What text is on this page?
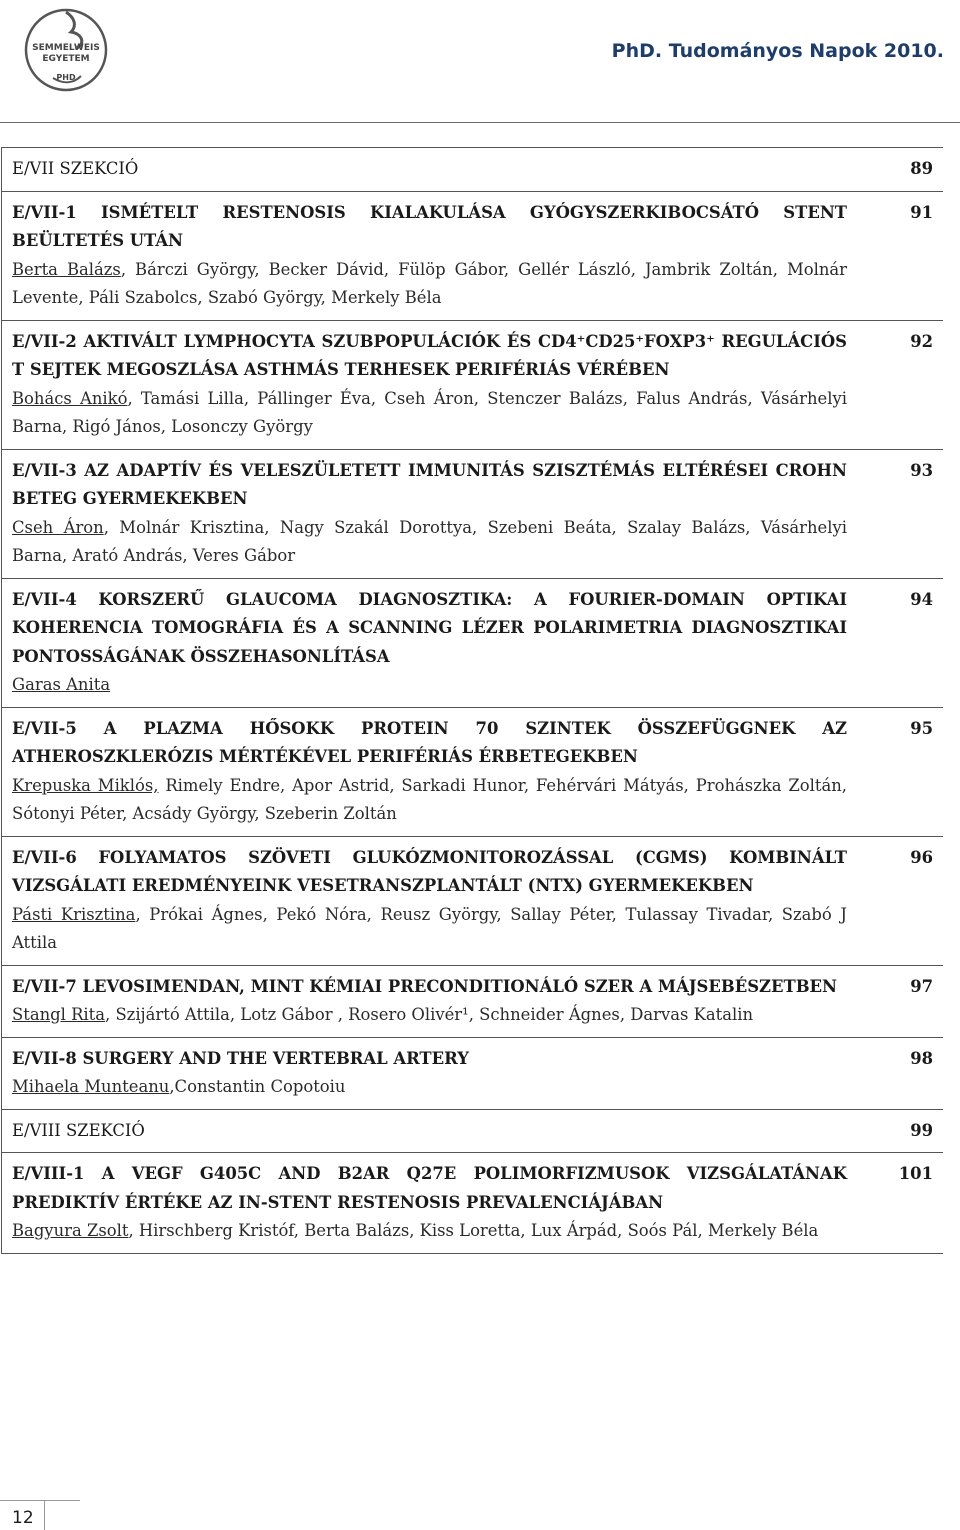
SEMMELWEIS
EGYETEM
PHD
PhD. Tudományos Napok 2010.
E/VII SZEKCIÓ	89

E/VII-1 ISMÉTELT RESTENOSIS KIALAKULÁSA GYÓGYSZERKIBOCSÁTÓ STENT BEÜLTETÉS UTÁN
Berta Balázs, Bárczi György, Becker Dávid, Fülöp Gábor, Gellér László, Jambrik Zoltán, Molnár Levente, Páli Szabolcs, Szabó György, Merkely Béla
91

E/VII-2 AKTIVÁLT LYMPHOCYTA SZUBPOPULÁCIÓK ÉS CD4⁺CD25⁺FOXP3⁺ REGULÁCIÓS T SEJTEK MEGOSZLÁSA ASTHMÁS TERHESEK PERIFÉRIÁS VÉRÉBEN
Bohács Anikó, Tamási Lilla, Pállinger Éva, Cseh Áron, Stenczer Balázs, Falus András, Vásárhelyi Barna, Rigó János, Losonczy György
92

E/VII-3 AZ ADAPTÍV ÉS VELESZÜLETETT IMMUNITÁS SZISZTÉMÁS ELTÉRÉSEI CROHN BETEG GYERMEKEKBEN
Cseh Áron, Molnár Krisztina, Nagy Szakál Dorottya, Szebeni Beáta, Szalay Balázs, Vásárhelyi Barna, Arató András, Veres Gábor
93

E/VII-4 KORSZERŰ GLAUCOMA DIAGNOSZTIKA: A FOURIER-DOMAIN OPTIKAI KOHERENCIA TOMOGRÁFIA ÉS A SCANNING LÉZER POLARIMETRIA DIAGNOSZTIKAI PONTOSSÁGÁNAK ÖSSZEHASONLÍTÁSA
Garas Anita
94

E/VII-5 A PLAZMA HŐSOKK PROTEIN 70 SZINTEK ÖSSZEFÜGGNEK AZ ATHEROSZKLERÓZIS MÉRTÉKÉVEL PERIFÉRIÁS ÉRBETEGEKBEN
Krepuska Miklós, Rimely Endre, Apor Astrid, Sarkadi Hunor, Fehérvári Mátyás, Prohászka Zoltán, Sótonyi Péter, Acsády György, Szeberin Zoltán
95

E/VII-6 FOLYAMATOS SZÖVETI GLUKÓZMONITOROZÁSSAL (CGMS) KOMBINÁLT VIZSGÁLATI EREDMÉNYEINK VESETRANSZPLANTÁLT (NTX) GYERMEKEKBEN
Pásti Krisztina, Prókai Ágnes, Pekó Nóra, Reusz György, Sallay Péter, Tulassay Tivadar, Szabó J Attila
96

E/VII-7 LEVOSIMENDAN, MINT KÉMIAI PRECONDITIONÁLÓ SZER A MÁJSEBÉSZETBEN
Stangl Rita, Szijártó Attila, Lotz Gábor , Rosero Olivér¹, Schneider Ágnes, Darvas Katalin
97

E/VII-8 SURGERY AND THE VERTEBRAL ARTERY
Mihaela Munteanu,Constantin Copotoiu
98

E/VIII SZEKCIÓ	99

E/VIII-1 A VEGF G405C AND B2AR Q27E POLIMORFIZMUSOK VIZSGÁLATÁNAK PREDIKTÍV ÉRTÉKE AZ IN-STENT RESTENOSIS PREVALENCIÁJÁBAN
Bagyura Zsolt, Hirschberg Kristóf, Berta Balázs, Kiss Loretta, Lux Árpád, Soós Pál, Merkely Béla
101
12
